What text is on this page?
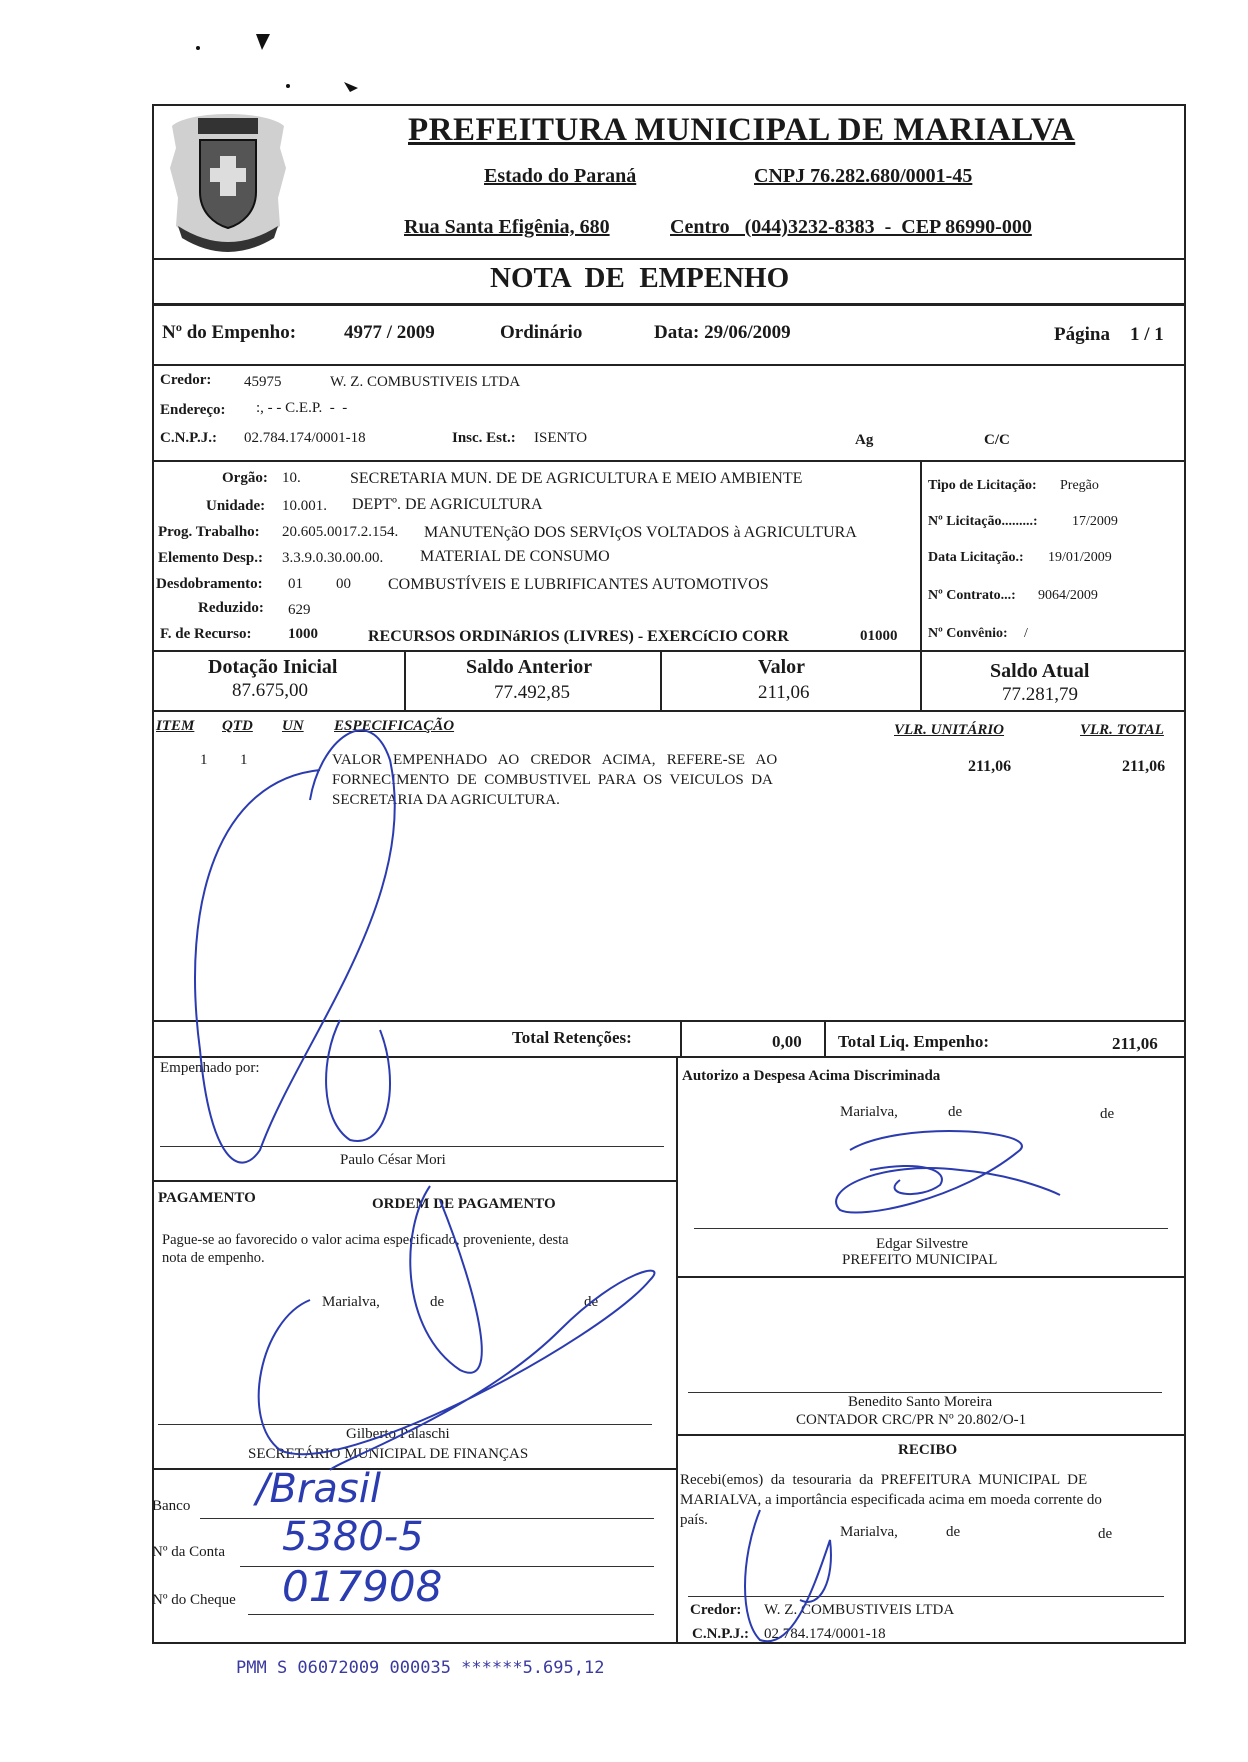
PREFEITURA MUNICIPAL DE MARIALVA
Estado do Paraná	CNPJ 76.282.680/0001-45
Rua Santa Efigênia, 680	Centro   (044)3232-8383  -  CEP 86990-000
NOTA  DE  EMPENHO
Nº do Empenho:	4977 / 2009	Ordinário	Data: 29/06/2009	Página 1 / 1
Credor: 45975	W. Z. COMBUSTIVEIS LTDA
Endereço: :, - - C.E.P.  -  -
C.N.P.J.: 02.784.174/0001-18	Insc. Est.: ISENTO	Ag	C/C
Orgão: 10.	SECRETARIA MUN. DE DE AGRICULTURA E MEIO AMBIENTE
Unidade: 10.001. DEPTº. DE AGRICULTURA
Prog. Trabalho: 20.605.0017.2.154. MANUTENçãO DOS SERVIçOS VOLTADOS à AGRICULTURA
Elemento Desp.: 3.3.9.0.30.00.00. MATERIAL DE CONSUMO
Desdobramento: 01 00 COMBUSTÍVEIS E LUBRIFICANTES AUTOMOTIVOS
Reduzido: 629
F. de Recurso: 1000	RECURSOS ORDINáRIOS (LIVRES) - EXERCíCIO CORR	01000
Tipo de Licitação: Pregão
Nº Licitação.........: 17/2009
Data Licitação.: 19/01/2009
Nº Contrato...: 9064/2009
Nº Convênio: /
Dotação Inicial
87.675,00
Saldo Anterior
77.492,85
Valor
211,06
Saldo Atual
77.281,79
ITEM QTD UN ESPECIFICAÇÃO	VLR. UNITÁRIO	VLR. TOTAL
1 1	VALOR   EMPENHADO   AO   CREDOR   ACIMA,   REFERE-SE   AO
FORNECIMENTO  DE  COMBUSTIVEL  PARA  OS  VEICULOS  DA
SECRETARIA DA AGRICULTURA.
211,06	211,06
Total Retenções:	0,00 Total Liq. Empenho:	211,06
Empenhado por:
Paulo César Mori
Autorizo a Despesa Acima Discriminada
Marialva,	de	de
Edgar Silvestre
PREFEITO MUNICIPAL
PAGAMENTO	ORDEM DE PAGAMENTO
Pague-se ao favorecido o valor acima especificado, proveniente, desta
nota de empenho.
Marialva,	de	de
Gilberto Palaschi
SECRETÁRIO MUNICIPAL DE FINANÇAS
Benedito Santo Moreira
CONTADOR CRC/PR Nº 20.802/O-1
RECIBO
Recebi(emos)  da  tesouraria  da  PREFEITURA  MUNICIPAL  DE
MARIALVA, a importância especificada acima em moeda corrente do
país.
Marialva,	de	de
Credor: W. Z. COMBUSTIVEIS LTDA
C.N.P.J.: 02.784.174/0001-18
Banco /Brasil
Nº da Conta 5380-5
Nº do Cheque 017908
PMM S 06072009 000035 ******5.695,12
